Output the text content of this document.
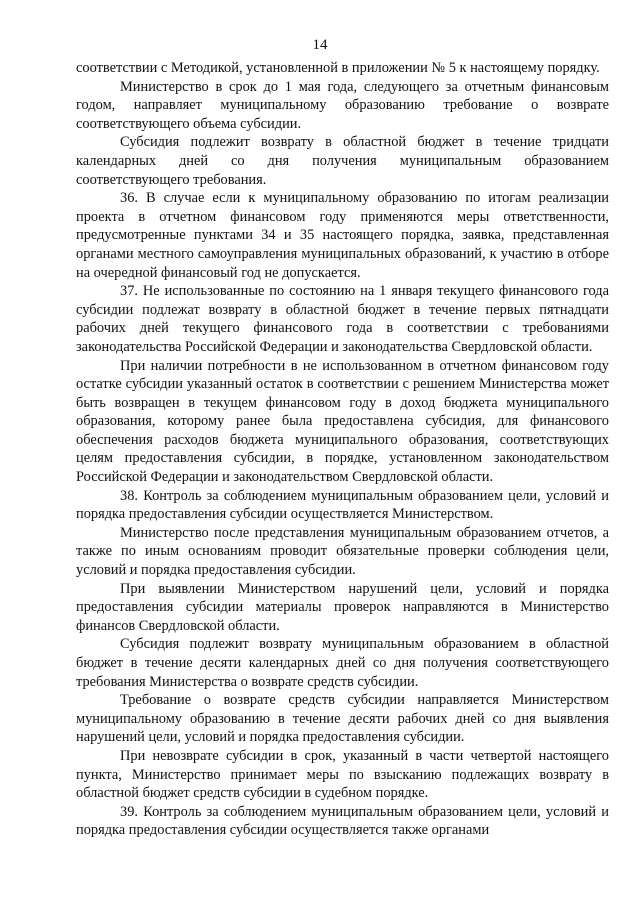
14

соответствии с Методикой, установленной в приложении № 5 к настоящему порядку.

Министерство в срок до 1 мая года, следующего за отчетным финансовым годом, направляет муниципальному образованию требование о возврате соответствующего объема субсидии.

Субсидия подлежит возврату в областной бюджет в течение тридцати календарных дней со дня получения муниципальным образованием соответствующего требования.

36. В случае если к муниципальному образованию по итогам реализации проекта в отчетном финансовом году применяются меры ответственности, предусмотренные пунктами 34 и 35 настоящего порядка, заявка, представленная органами местного самоуправления муниципальных образований, к участию в отборе на очередной финансовый год не допускается.

37. Не использованные по состоянию на 1 января текущего финансового года субсидии подлежат возврату в областной бюджет в течение первых пятнадцати рабочих дней текущего финансового года в соответствии с требованиями законодательства Российской Федерации и законодательства Свердловской области.

При наличии потребности в не использованном в отчетном финансовом году остатке субсидии указанный остаток в соответствии с решением Министерства может быть возвращен в текущем финансовом году в доход бюджета муниципального образования, которому ранее была предоставлена субсидия, для финансового обеспечения расходов бюджета муниципального образования, соответствующих целям предоставления субсидии, в порядке, установленном законодательством Российской Федерации и законодательством Свердловской области.

38. Контроль за соблюдением муниципальным образованием цели, условий и порядка предоставления субсидии осуществляется Министерством.

Министерство после представления муниципальным образованием отчетов, а также по иным основаниям проводит обязательные проверки соблюдения цели, условий и порядка предоставления субсидии.

При выявлении Министерством нарушений цели, условий и порядка предоставления субсидии материалы проверок направляются в Министерство финансов Свердловской области.

Субсидия подлежит возврату муниципальным образованием в областной бюджет в течение десяти календарных дней со дня получения соответствующего требования Министерства о возврате средств субсидии.

Требование о возврате средств субсидии направляется Министерством муниципальному образованию в течение десяти рабочих дней со дня выявления нарушений цели, условий и порядка предоставления субсидии.

При невозврате субсидии в срок, указанный в части четвертой настоящего пункта, Министерство принимает меры по взысканию подлежащих возврату в областной бюджет средств субсидии в судебном порядке.

39. Контроль за соблюдением муниципальным образованием цели, условий и порядка предоставления субсидии осуществляется также органами
